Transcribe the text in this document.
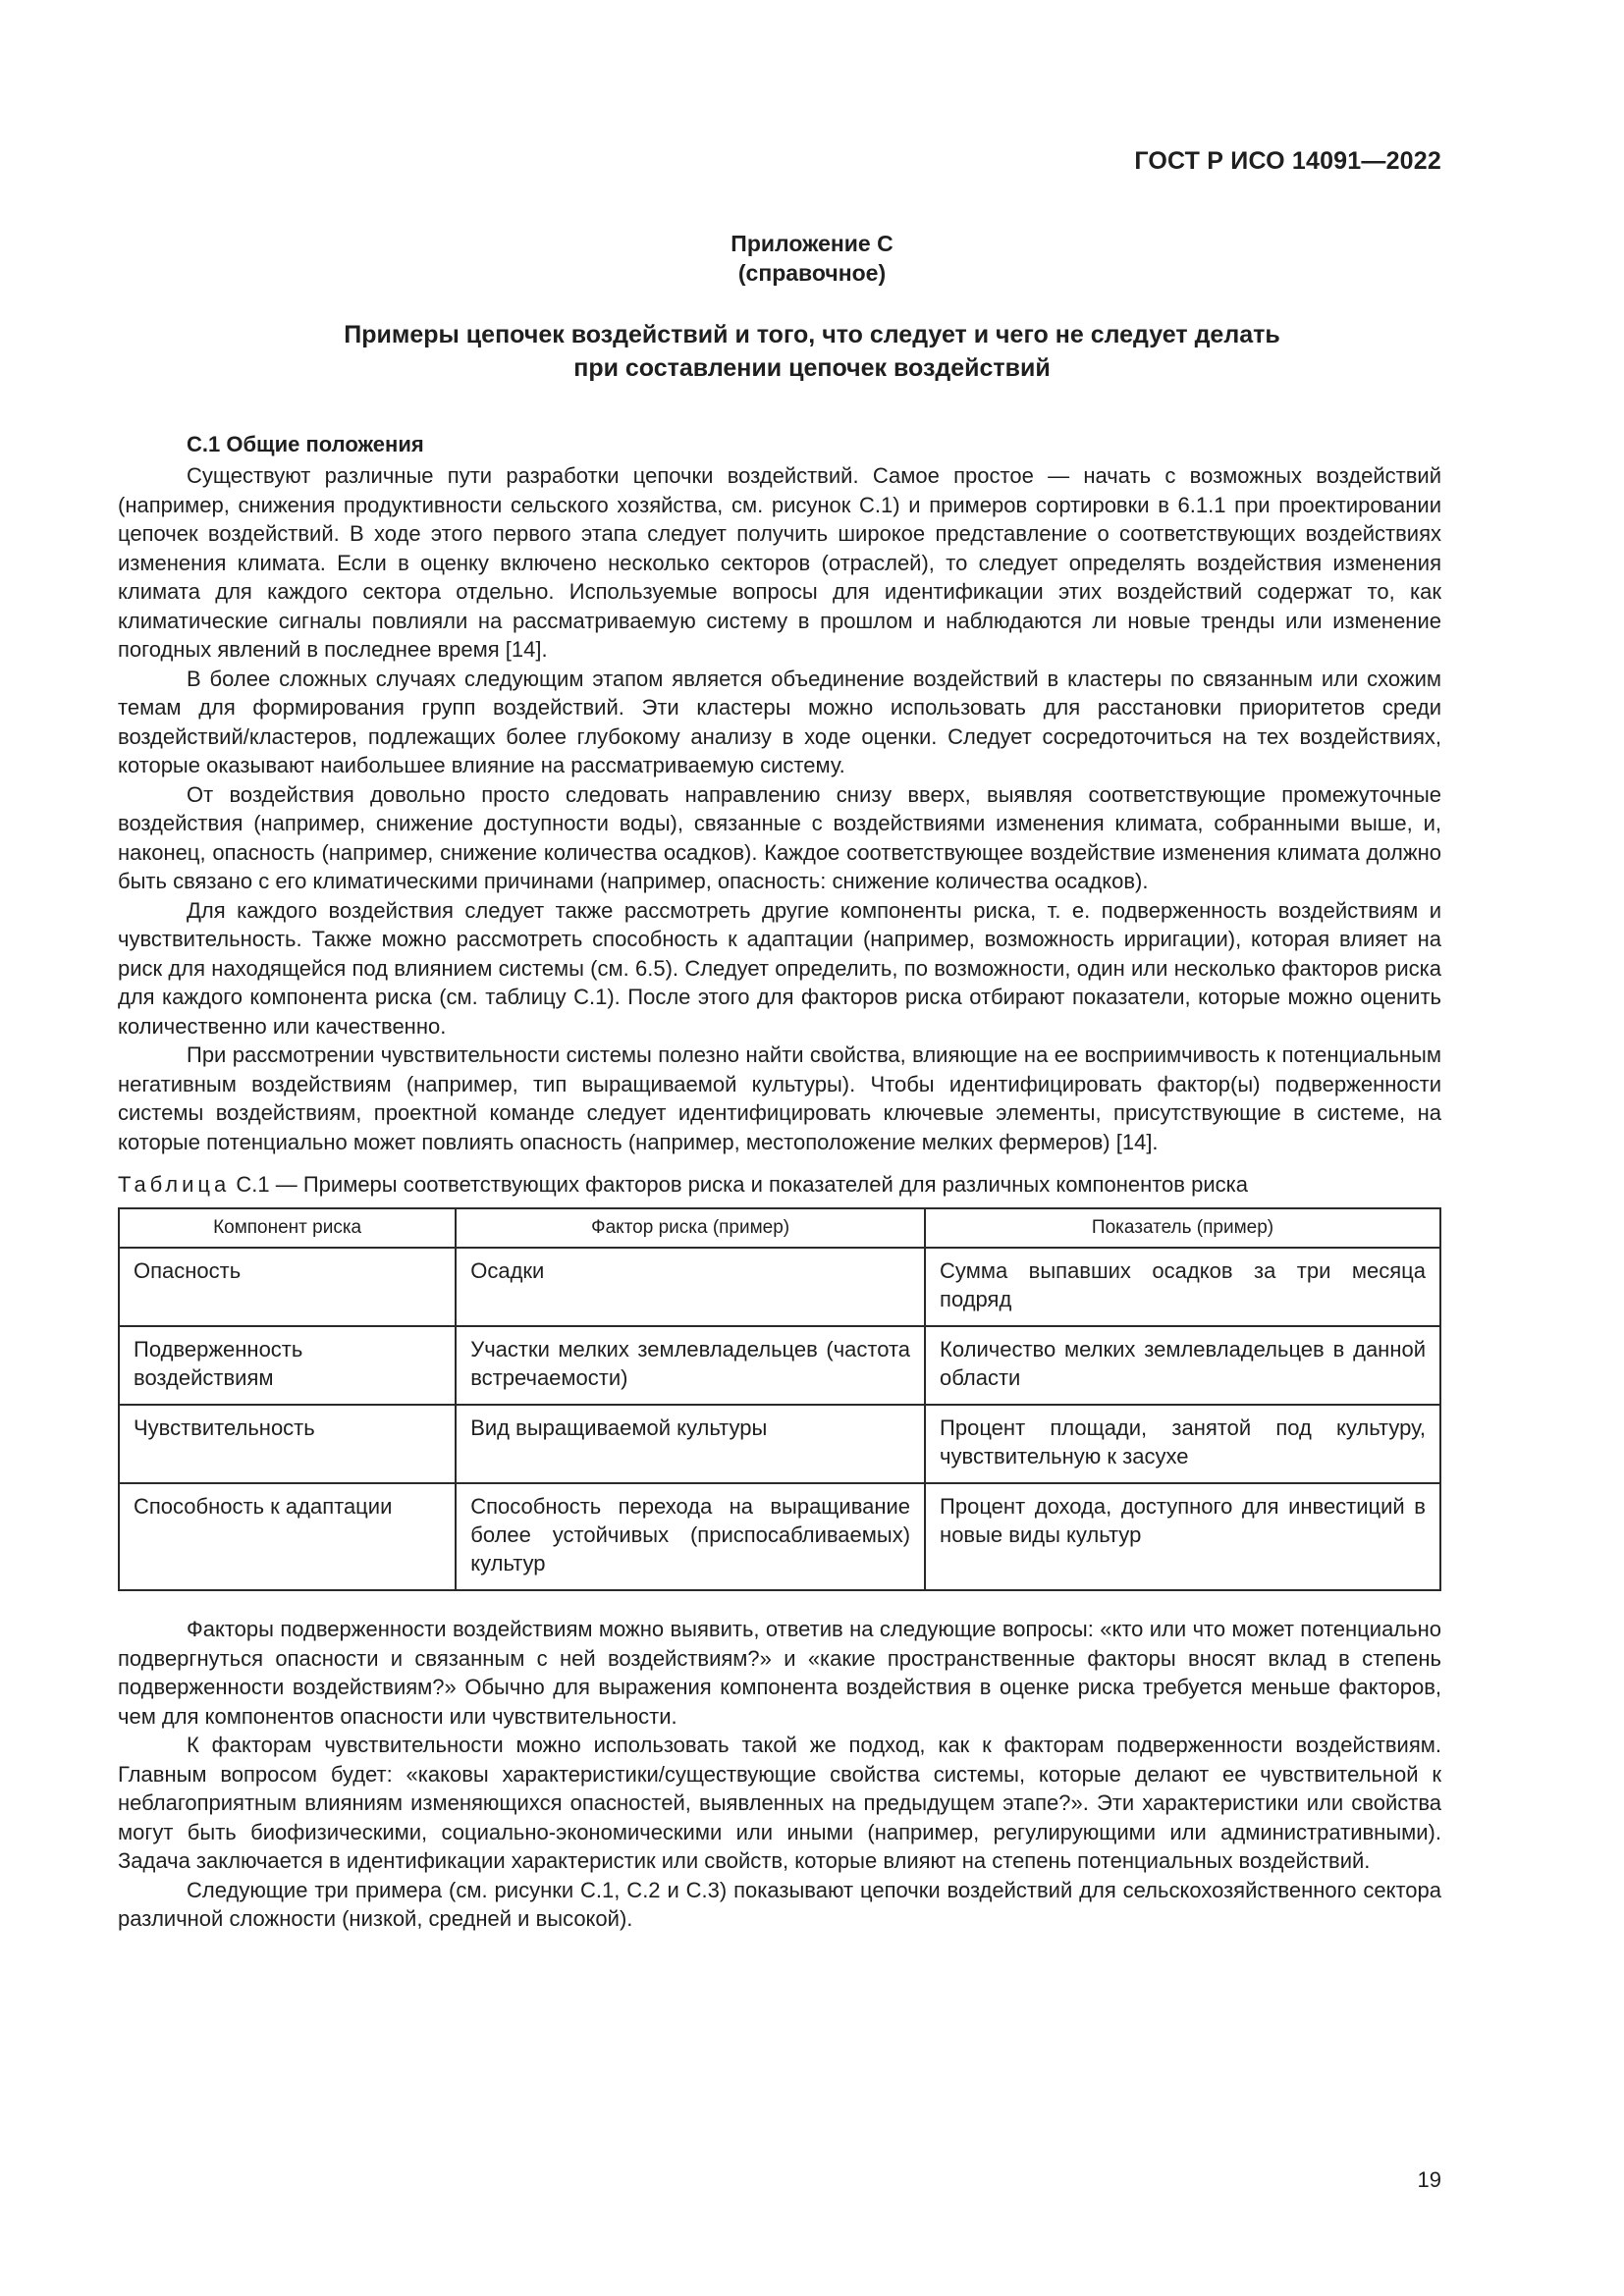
ГОСТ Р ИСО 14091—2022
Приложение С
(справочное)
Примеры цепочек воздействий и того, что следует и чего не следует делать
при составлении цепочек воздействий
С.1 Общие положения

Существуют различные пути разработки цепочки воздействий. Самое простое — начать с возможных воздействий (например, снижения продуктивности сельского хозяйства, см. рисунок С.1) и примеров сортировки в 6.1.1 при проектировании цепочек воздействий. В ходе этого первого этапа следует получить широкое представление о соответствующих воздействиях изменения климата. Если в оценку включено несколько секторов (отраслей), то следует определять воздействия изменения климата для каждого сектора отдельно. Используемые вопросы для идентификации этих воздействий содержат то, как климатические сигналы повлияли на рассматриваемую систему в прошлом и наблюдаются ли новые тренды или изменение погодных явлений в последнее время [14].

В более сложных случаях следующим этапом является объединение воздействий в кластеры по связанным или схожим темам для формирования групп воздействий. Эти кластеры можно использовать для расстановки приоритетов среди воздействий/кластеров, подлежащих более глубокому анализу в ходе оценки. Следует сосредоточиться на тех воздействиях, которые оказывают наибольшее влияние на рассматриваемую систему.

От воздействия довольно просто следовать направлению снизу вверх, выявляя соответствующие промежуточные воздействия (например, снижение доступности воды), связанные с воздействиями изменения климата, собранными выше, и, наконец, опасность (например, снижение количества осадков). Каждое соответствующее воздействие изменения климата должно быть связано с его климатическими причинами (например, опасность: снижение количества осадков).

Для каждого воздействия следует также рассмотреть другие компоненты риска, т. е. подверженность воздействиям и чувствительность. Также можно рассмотреть способность к адаптации (например, возможность ирригации), которая влияет на риск для находящейся под влиянием системы (см. 6.5). Следует определить, по возможности, один или несколько факторов риска для каждого компонента риска (см. таблицу С.1). После этого для факторов риска отбирают показатели, которые можно оценить количественно или качественно.

При рассмотрении чувствительности системы полезно найти свойства, влияющие на ее восприимчивость к потенциальным негативным воздействиям (например, тип выращиваемой культуры). Чтобы идентифицировать фактор(ы) подверженности системы воздействиям, проектной команде следует идентифицировать ключевые элементы, присутствующие в системе, на которые потенциально может повлиять опасность (например, местоположение мелких фермеров) [14].

Таблица С.1 — Примеры соответствующих факторов риска и показателей для различных компонентов риска
Компонент риска	Фактор риска (пример)	Показатель (пример)
Опасность	Осадки	Сумма выпавших осадков за три месяца подряд
Подверженность воздействиям	Участки мелких землевладельцев (частота встречаемости)	Количество мелких землевладельцев в данной области
Чувствительность	Вид выращиваемой культуры	Процент площади, занятой под культуру, чувствительную к засухе
Способность к адаптации	Способность перехода на выращивание более устойчивых (приспосабливаемых) культур	Процент дохода, доступного для инвестиций в новые виды культур

Факторы подверженности воздействиям можно выявить, ответив на следующие вопросы: «кто или что может потенциально подвергнуться опасности и связанным с ней воздействиям?» и «какие пространственные факторы вносят вклад в степень подверженности воздействиям?» Обычно для выражения компонента воздействия в оценке риска требуется меньше факторов, чем для компонентов опасности или чувствительности.

К факторам чувствительности можно использовать такой же подход, как к факторам подверженности воздействиям. Главным вопросом будет: «каковы характеристики/существующие свойства системы, которые делают ее чувствительной к неблагоприятным влияниям изменяющихся опасностей, выявленных на предыдущем этапе?». Эти характеристики или свойства могут быть биофизическими, социально-экономическими или иными (например, регулирующими или административными). Задача заключается в идентификации характеристик или свойств, которые влияют на степень потенциальных воздействий.

Следующие три примера (см. рисунки С.1, С.2 и С.3) показывают цепочки воздействий для сельскохозяйственного сектора различной сложности (низкой, средней и высокой).

19
